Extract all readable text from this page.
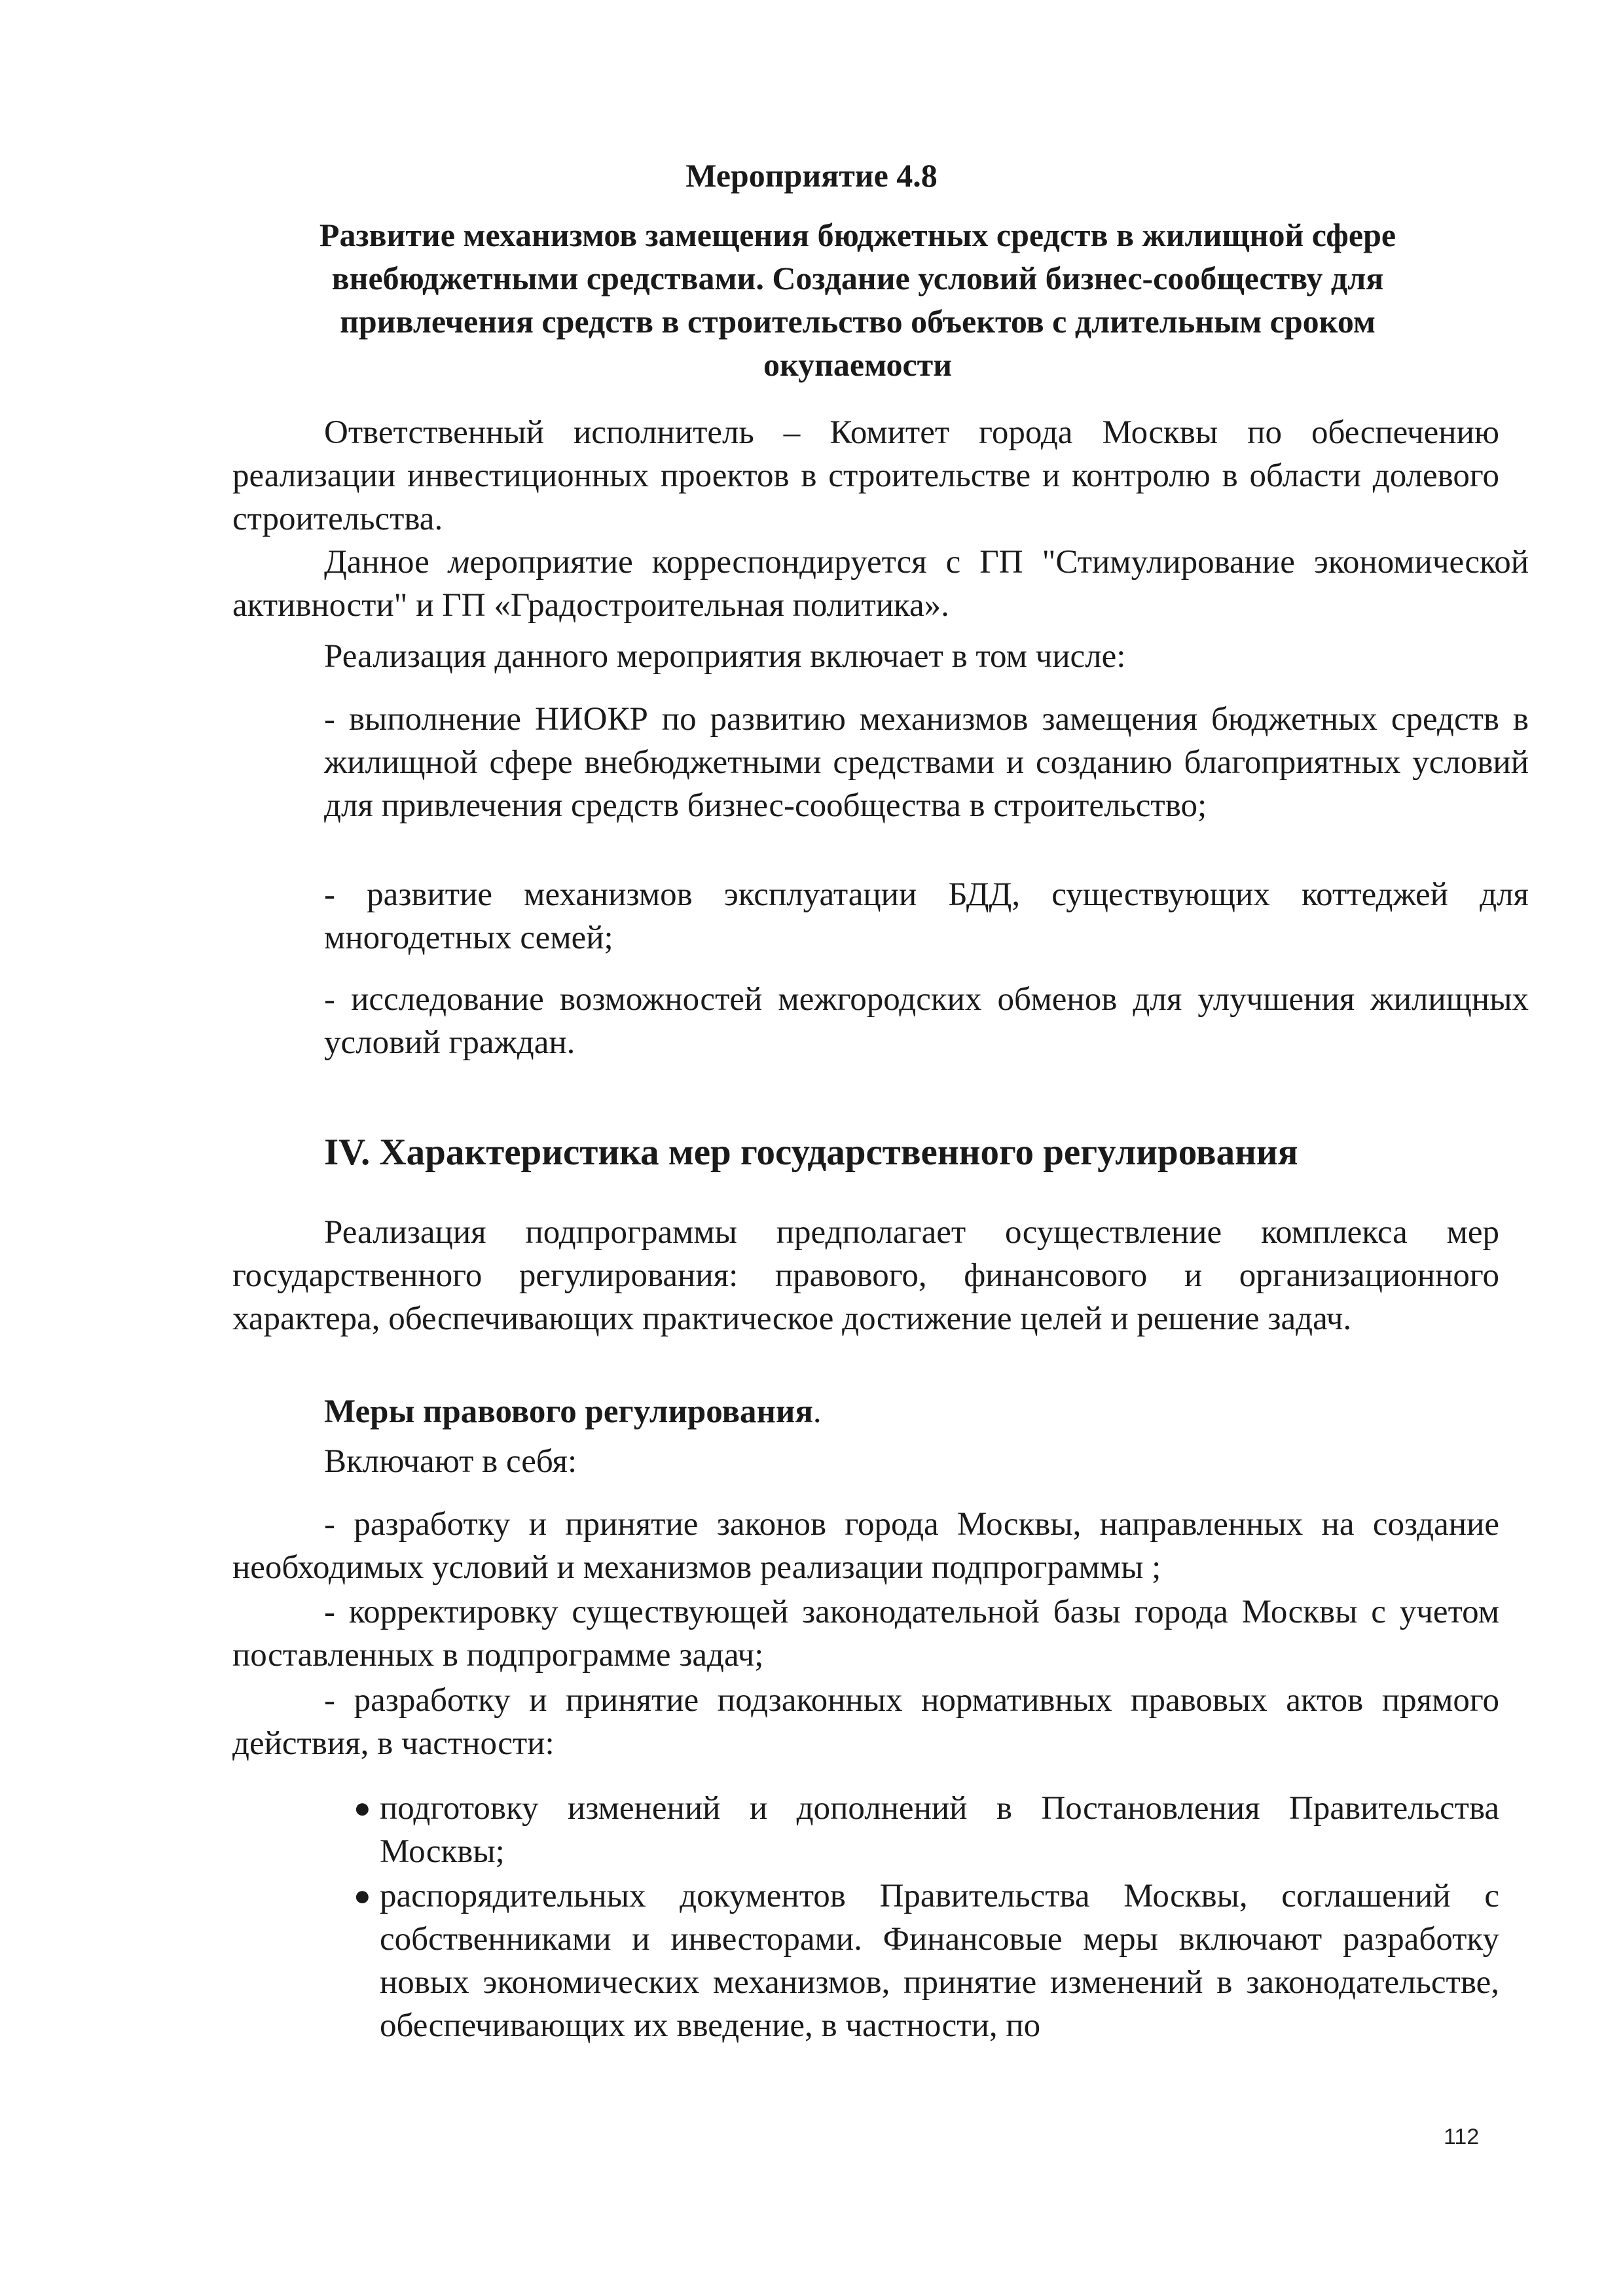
Мероприятие 4.8
Развитие механизмов замещения бюджетных средств в жилищной сфере внебюджетными средствами. Создание условий бизнес-сообществу для привлечения средств в строительство объектов с длительным сроком окупаемости

Ответственный исполнитель – Комитет города Москвы по обеспечению реализации инвестиционных проектов в строительстве и контролю в области долевого строительства.

Данное мероприятие корреспондируется с ГП "Стимулирование экономической активности" и ГП «Градостроительная политика».

Реализация данного мероприятия включает в том числе:

- выполнение НИОКР по развитию механизмов замещения бюджетных средств в жилищной сфере внебюджетными средствами и созданию благоприятных условий для привлечения средств бизнес-сообщества в строительство;

- развитие механизмов эксплуатации БДД, существующих коттеджей для многодетных семей;

- исследование возможностей межгородских обменов для улучшения жилищных условий граждан.

IV. Характеристика мер государственного регулирования

Реализация подпрограммы предполагает осуществление комплекса мер государственного регулирования: правового, финансового и организационного характера, обеспечивающих практическое достижение целей и решение задач.

Меры правового регулирования.

Включают в себя:

- разработку и принятие законов города Москвы, направленных на создание необходимых условий и механизмов реализации подпрограммы ;

- корректировку существующей законодательной базы города Москвы с учетом поставленных в подпрограмме задач;

- разработку и принятие подзаконных нормативных правовых актов прямого действия, в частности:

● подготовку изменений и дополнений в Постановления Правительства Москвы;

● распорядительных документов Правительства Москвы, соглашений с собственниками и инвесторами. Финансовые меры включают разработку новых экономических механизмов, принятие изменений в законодательстве, обеспечивающих их введение, в частности, по

112
